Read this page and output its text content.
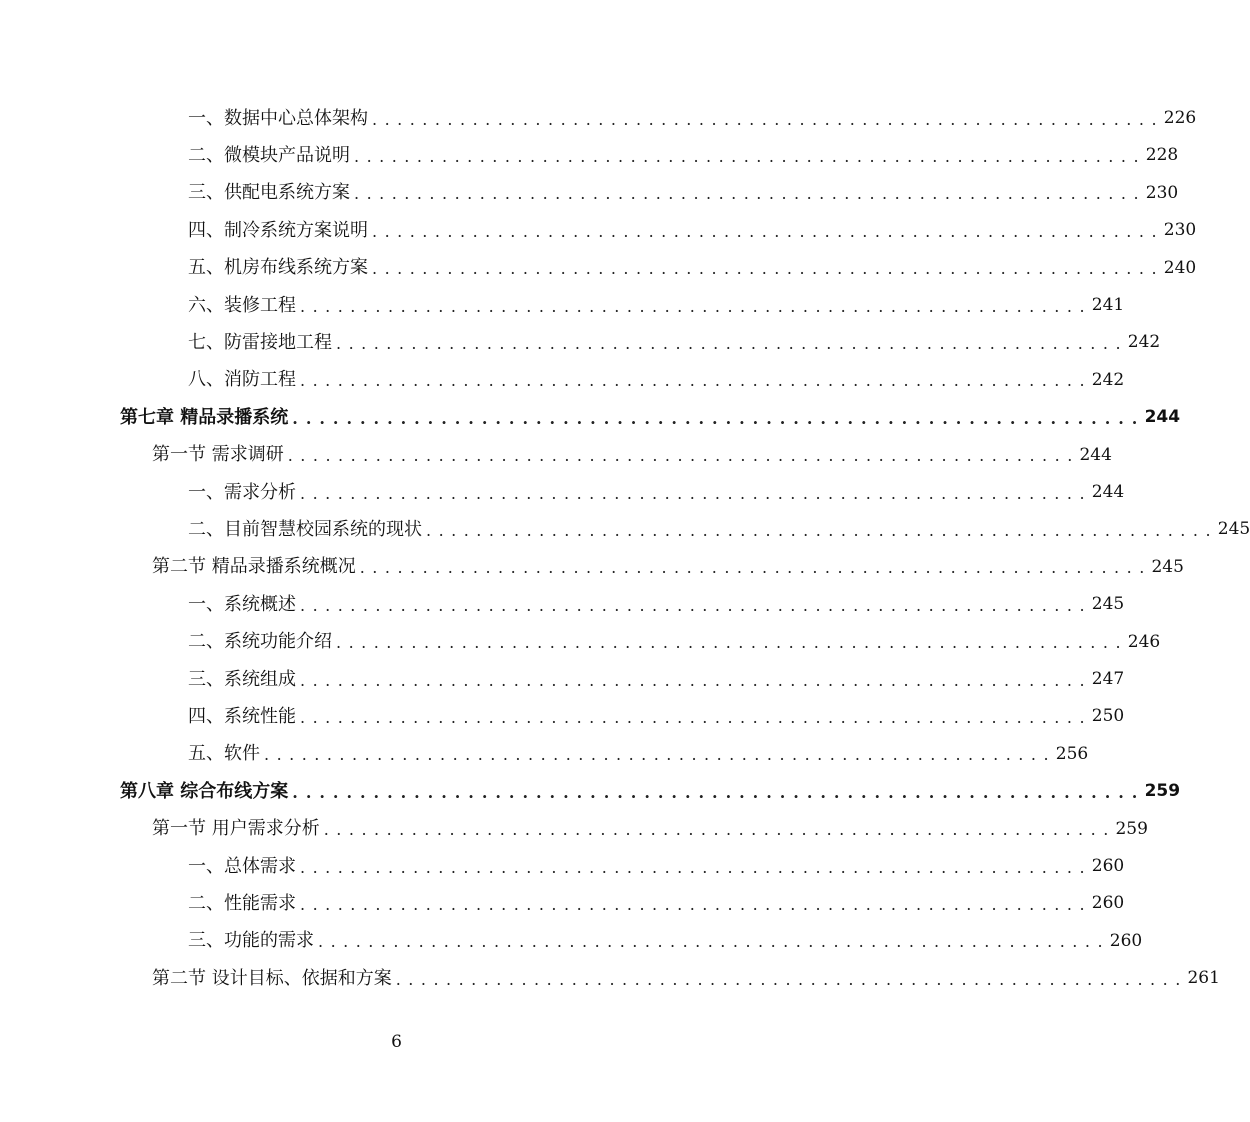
一、数据中心总体架构 . . . . . . . . . . . . . . . . . . . . . . . . . . . . . . . . . . . . . . . . . . . . . . . . . . . . . . . . . . . . . . . 226
二、微模块产品说明 . . . . . . . . . . . . . . . . . . . . . . . . . . . . . . . . . . . . . . . . . . . . . . . . . . . . . . . . . . . . . . . 228
三、供配电系统方案 . . . . . . . . . . . . . . . . . . . . . . . . . . . . . . . . . . . . . . . . . . . . . . . . . . . . . . . . . . . . . . . 230
四、制冷系统方案说明 . . . . . . . . . . . . . . . . . . . . . . . . . . . . . . . . . . . . . . . . . . . . . . . . . . . . . . . . . . . . . . . 230
五、机房布线系统方案 . . . . . . . . . . . . . . . . . . . . . . . . . . . . . . . . . . . . . . . . . . . . . . . . . . . . . . . . . . . . . . . 240
六、装修工程 . . . . . . . . . . . . . . . . . . . . . . . . . . . . . . . . . . . . . . . . . . . . . . . . . . . . . . . . . . . . . . . 241
七、防雷接地工程 . . . . . . . . . . . . . . . . . . . . . . . . . . . . . . . . . . . . . . . . . . . . . . . . . . . . . . . . . . . . . . . 242
八、消防工程 . . . . . . . . . . . . . . . . . . . . . . . . . . . . . . . . . . . . . . . . . . . . . . . . . . . . . . . . . . . . . . . 242
第七章 精品录播系统 . . . . . . . . . . . . . . . . . . . . . . . . . . . . . . . . . . . . . . . . . . . . . . . . . . . . . . . . . . . . . . . 244
第一节 需求调研 . . . . . . . . . . . . . . . . . . . . . . . . . . . . . . . . . . . . . . . . . . . . . . . . . . . . . . . . . . . . . . . 244
一、需求分析 . . . . . . . . . . . . . . . . . . . . . . . . . . . . . . . . . . . . . . . . . . . . . . . . . . . . . . . . . . . . . . . 244
二、目前智慧校园系统的现状 . . . . . . . . . . . . . . . . . . . . . . . . . . . . . . . . . . . . . . . . . . . . . . . . . . . . . . . . . . . . . . . 245
第二节 精品录播系统概况 . . . . . . . . . . . . . . . . . . . . . . . . . . . . . . . . . . . . . . . . . . . . . . . . . . . . . . . . . . . . . . . 245
一、系统概述 . . . . . . . . . . . . . . . . . . . . . . . . . . . . . . . . . . . . . . . . . . . . . . . . . . . . . . . . . . . . . . . 245
二、系统功能介绍 . . . . . . . . . . . . . . . . . . . . . . . . . . . . . . . . . . . . . . . . . . . . . . . . . . . . . . . . . . . . . . . 246
三、系统组成 . . . . . . . . . . . . . . . . . . . . . . . . . . . . . . . . . . . . . . . . . . . . . . . . . . . . . . . . . . . . . . . 247
四、系统性能 . . . . . . . . . . . . . . . . . . . . . . . . . . . . . . . . . . . . . . . . . . . . . . . . . . . . . . . . . . . . . . . 250
五、软件 . . . . . . . . . . . . . . . . . . . . . . . . . . . . . . . . . . . . . . . . . . . . . . . . . . . . . . . . . . . . . . . 256
第八章 综合布线方案 . . . . . . . . . . . . . . . . . . . . . . . . . . . . . . . . . . . . . . . . . . . . . . . . . . . . . . . . . . . . . . . 259
第一节 用户需求分析 . . . . . . . . . . . . . . . . . . . . . . . . . . . . . . . . . . . . . . . . . . . . . . . . . . . . . . . . . . . . . . . 259
一、总体需求 . . . . . . . . . . . . . . . . . . . . . . . . . . . . . . . . . . . . . . . . . . . . . . . . . . . . . . . . . . . . . . . 260
二、性能需求 . . . . . . . . . . . . . . . . . . . . . . . . . . . . . . . . . . . . . . . . . . . . . . . . . . . . . . . . . . . . . . . 260
三、功能的需求 . . . . . . . . . . . . . . . . . . . . . . . . . . . . . . . . . . . . . . . . . . . . . . . . . . . . . . . . . . . . . . . 260
第二节 设计目标、依据和方案 . . . . . . . . . . . . . . . . . . . . . . . . . . . . . . . . . . . . . . . . . . . . . . . . . . . . . . . . . . . . . . . 261
6
